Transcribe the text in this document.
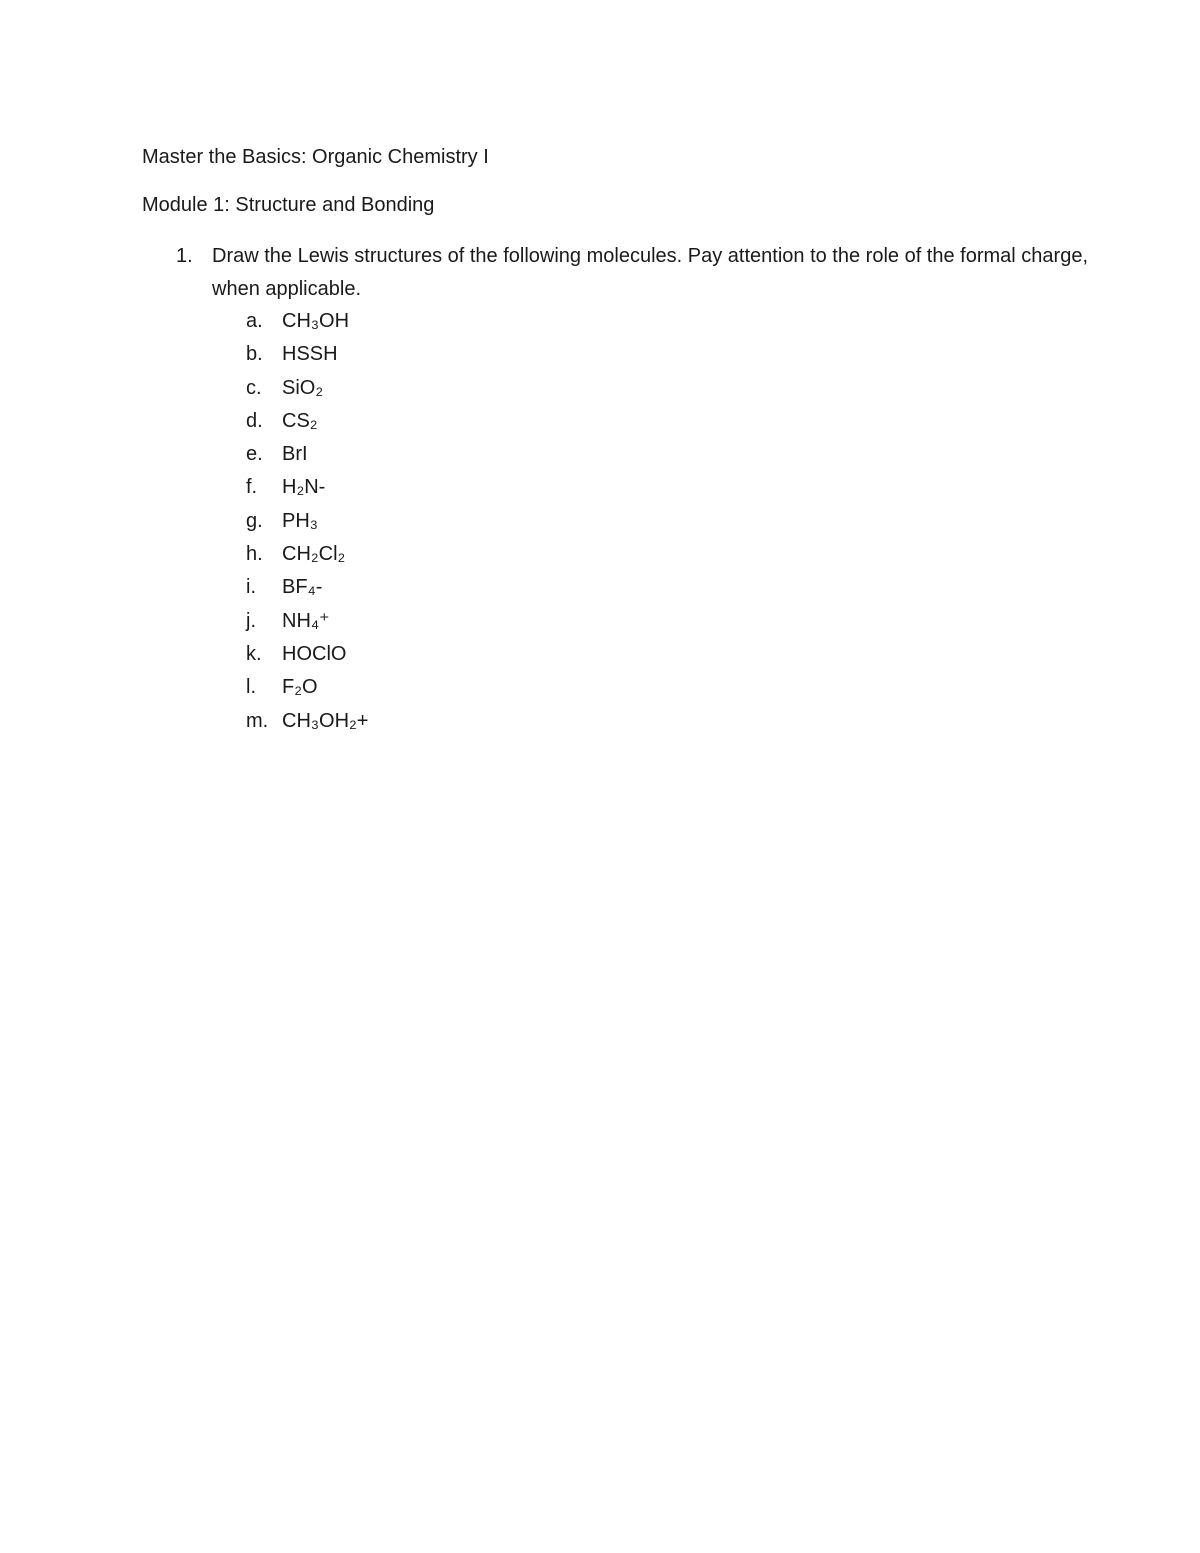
Master the Basics: Organic Chemistry I
Module 1: Structure and Bonding
1. Draw the Lewis structures of the following molecules. Pay attention to the role of the formal charge, when applicable.
a. CH₃OH
b. HSSH
c. SiO₂
d. CS₂
e. BrI
f. H₂N-
g. PH₃
h. CH₂Cl₂
i. BF₄-
j. NH₄⁺
k. HOClO
l. F₂O
m. CH₃OH₂+
